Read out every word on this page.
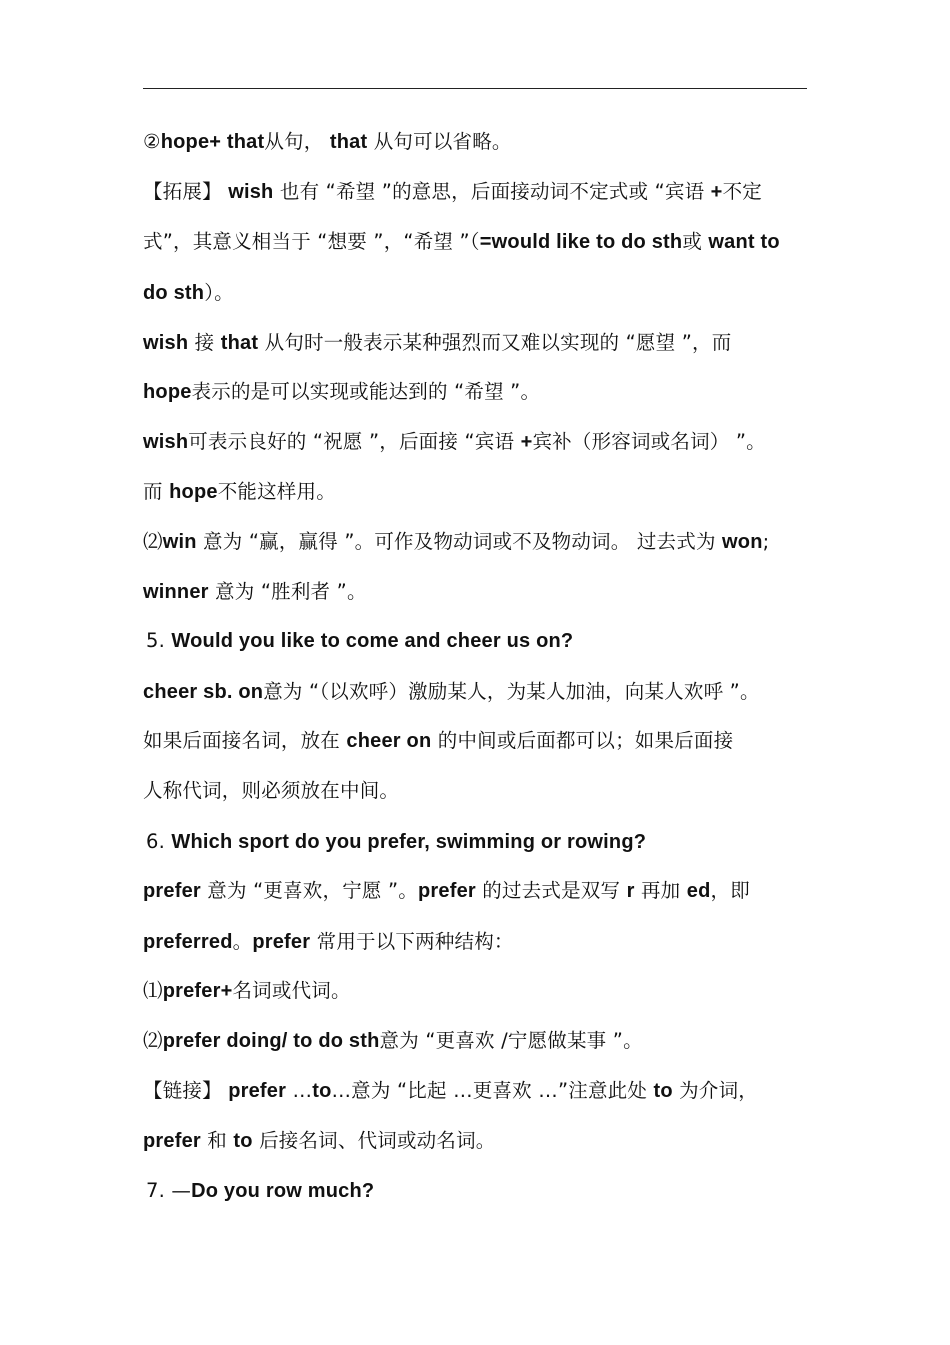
②hope+ that从句， that 从句可以省略。
【拓展】 wish 也有 “希望 ”的意思，后面接动词不定式或 “宾语 +不定
式”，其意义相当于 “想要 ”，“希望 ”（=would like to do sth或 want to
do sth）。
wish 接 that 从句时一般表示某种强烈而又难以实现的 “愿望 ”，而
hope表示的是可以实现或能达到的 “希望 ”。
wish可表示良好的 “祝愿 ”，后面接 “宾语 +宾补（形容词或名词） ”。
而 hope不能这样用。
⑵win 意为 “赢，赢得 ”。可作及物动词或不及物动词。 过去式为 won;
winner 意为 “胜利者 ”。
5. Would you like to come and cheer us on?
cheer sb. on意为 “（以欢呼）激励某人，为某人加油，向某人欢呼 ”。
如果后面接名词，放在 cheer on 的中间或后面都可以；如果后面接
人称代词，则必须放在中间。
6. Which sport do you prefer, swimming or rowing?
prefer 意为 “更喜欢，宁愿 ”。prefer 的过去式是双写 r 再加 ed，即
preferred。prefer 常用于以下两种结构：
⑴prefer+名词或代词。
⑵prefer doing/ to do sth意为 “更喜欢 /宁愿做某事 ”。
【链接】 prefer …to…意为 “比起 …更喜欢 …”注意此处 to 为介词，
prefer 和 to 后接名词、代词或动名词。
7. —Do you row much?
